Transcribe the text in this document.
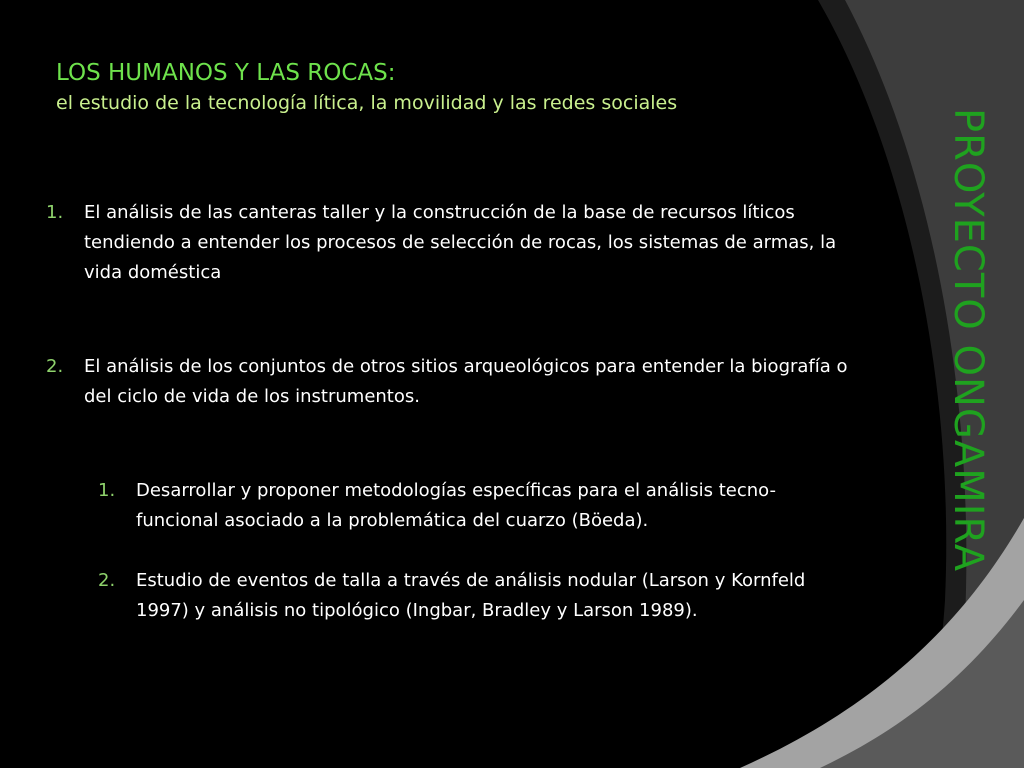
LOS HUMANOS Y LAS ROCAS:
el estudio de la tecnología lítica, la movilidad y las redes sociales
1. El análisis de las canteras taller y la construcción de la base de recursos líticos tendiendo a entender los procesos de selección de rocas, los sistemas de armas, la vida doméstica
2. El análisis de los conjuntos de otros sitios arqueológicos para entender la biografía o del ciclo de vida de los instrumentos.
1. Desarrollar y proponer metodologías específicas para el análisis tecno-funcional asociado a la problemática del cuarzo (Böeda).
2. Estudio de eventos de talla a través de análisis nodular (Larson y Kornfeld 1997) y análisis no tipológico (Ingbar, Bradley y Larson 1989).
PROYECTO ONGAMIRA
